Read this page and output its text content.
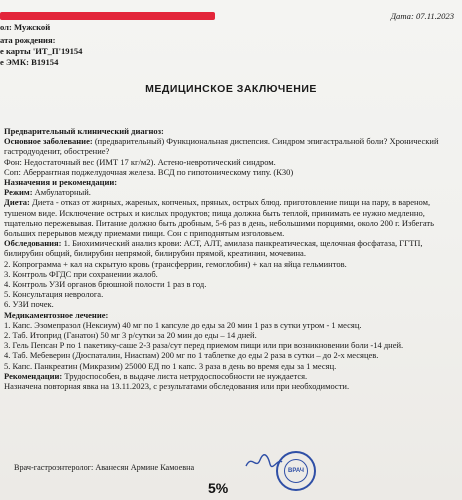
Дата: 07.11.2023
ол: Мужской
ата рождения:
е карты 'ИТ_П'19154
е ЭМК: В19154
МЕДИЦИНСКОЕ ЗАКЛЮЧЕНИЕ

Предварительный клинический диагноз:

Основное заболевание: (предварительный) Функциональная диспепсия. Синдром эпигастральной боли? Хронический гастродуоденит, обострение?

Фон: Недостаточный вес (ИМТ 17 кг/м2). Астено-невротический синдром.

Соп: Аберрантная поджелудочная железа. ВСД по гипотоническому типу. (К30)

Назначения и рекомендации:

Режим: Амбулаторный.

Диета: Диета - отказ от жирных, жареных, копченых, пряных, острых блюд. приготовление пищи на пару, в вареном, тушеном виде. Исключение острых и кислых продуктов; пища должна быть теплой, принимать ее нужно медленно, тщательно пережевывая. Питание должно быть дробным, 5-6 раз в день, небольшими порциями, около 200 г. Избегать больших перерывов между приемами пищи. Сон с приподнятым изголовьем.

Обследования: 1. Биохимический анализ крови: АСТ, АЛТ, амилаза панкреатическая, щелочная фосфатаза, ГГТП, билирубин общий, билирубин непрямой, билирубин прямой, креатинин, мочевина.

2. Копрограмма + кал на скрытую кровь (трансферрин, гемоглобин) + кал на яйца гельминтов.

3. Контроль ФГДС при сохранении жалоб.

4. Контроль УЗИ органов брюшной полости 1 раз в год.

5. Консультация невролога.

6. УЗИ почек.

Медикаментозное лечение:

1. Капс. Эзомепразол (Нексиум) 40 мг по 1 капсуле до еды за 20 мин 1 раз в сутки утром - 1 месяц.

2. Таб. Итоприд (Ганатон) 50 мг 3 р/сутки за 20 мин до еды – 14 дней.

3. Гель Пепсан Р по 1 пакетику-саше 2-3 раза/сут перед приемом пищи или при возникновении боли -14 дней.

4. Таб. Мебеверин (Дюспаталин, Ниаспам) 200 мг по 1 таблетке до еды 2 раза в сутки – до 2-х месяцев.

5. Капс. Панкреатин (Микразим) 25000 ЕД по 1 капс. 3 раза в день во время еды за 1 месяц.

Рекомендации: Трудоспособен, в выдаче листа нетрудоспособности не нуждается.

Назначена повторная явка на 13.11.2023, с результатами обследования или при необходимости.

Врач-гастроэнтеролог: Аванесян Армине Камоевна	ВРАЧ
5%
